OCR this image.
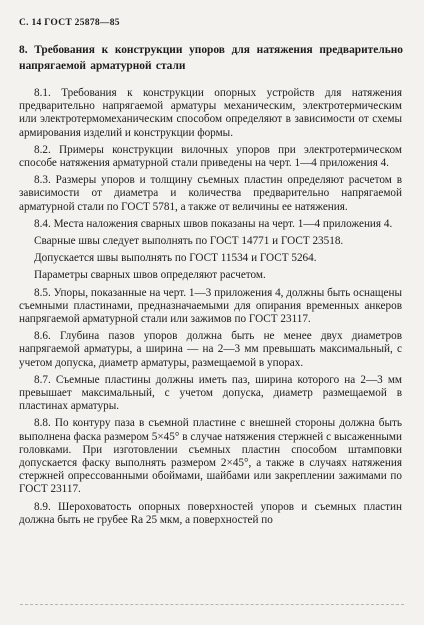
С. 14 ГОСТ 25878—85
8. Требования к конструкции упоров для натяжения предварительно напрягаемой арматурной стали

8.1. Требования к конструкции опорных устройств для натяжения предварительно напрягаемой арматуры механическим, электротермическим или электротермомеханическим способом определяют в зависимости от схемы армирования изделий и конструкции формы.

8.2. Примеры конструкции вилочных упоров при электротермическом способе натяжения арматурной стали приведены на черт. 1—4 приложения 4.

8.3. Размеры упоров и толщину съемных пластин определяют расчетом в зависимости от диаметра и количества предварительно напрягаемой арматурной стали по ГОСТ 5781, а также от величины ее натяжения.

8.4. Места наложения сварных швов показаны на черт. 1—4 приложения 4.

Сварные швы следует выполнять по ГОСТ 14771 и ГОСТ 23518.

Допускается швы выполнять по ГОСТ 11534 и ГОСТ 5264.

Параметры сварных швов определяют расчетом.

8.5. Упоры, показанные на черт. 1—3 приложения 4, должны быть оснащены съемными пластинами, предназначаемыми для опирания временных анкеров напрягаемой арматурной стали или зажимов по ГОСТ 23117.

8.6. Глубина пазов упоров должна быть не менее двух диаметров напрягаемой арматуры, а ширина — на 2—3 мм превышать максимальный, с учетом допуска, диаметр арматуры, размещаемой в упорах.

8.7. Съемные пластины должны иметь паз, ширина которого на 2—3 мм превышает максимальный, с учетом допуска, диаметр размещаемой в пластинах арматуры.

8.8. По контуру паза в съемной пластине с внешней стороны должна быть выполнена фаска размером 5×45° в случае натяжения стержней с высаженными головками. При изготовлении съемных пластин способом штамповки допускается фаску выполнять размером 2×45°, а также в случаях натяжения стержней опрессованными обоймами, шайбами или закреплении зажимами по ГОСТ 23117.

8.9. Шероховатость опорных поверхностей упоров и съемных пластин должна быть не грубее Ra 25 мкм, а поверхностей по
